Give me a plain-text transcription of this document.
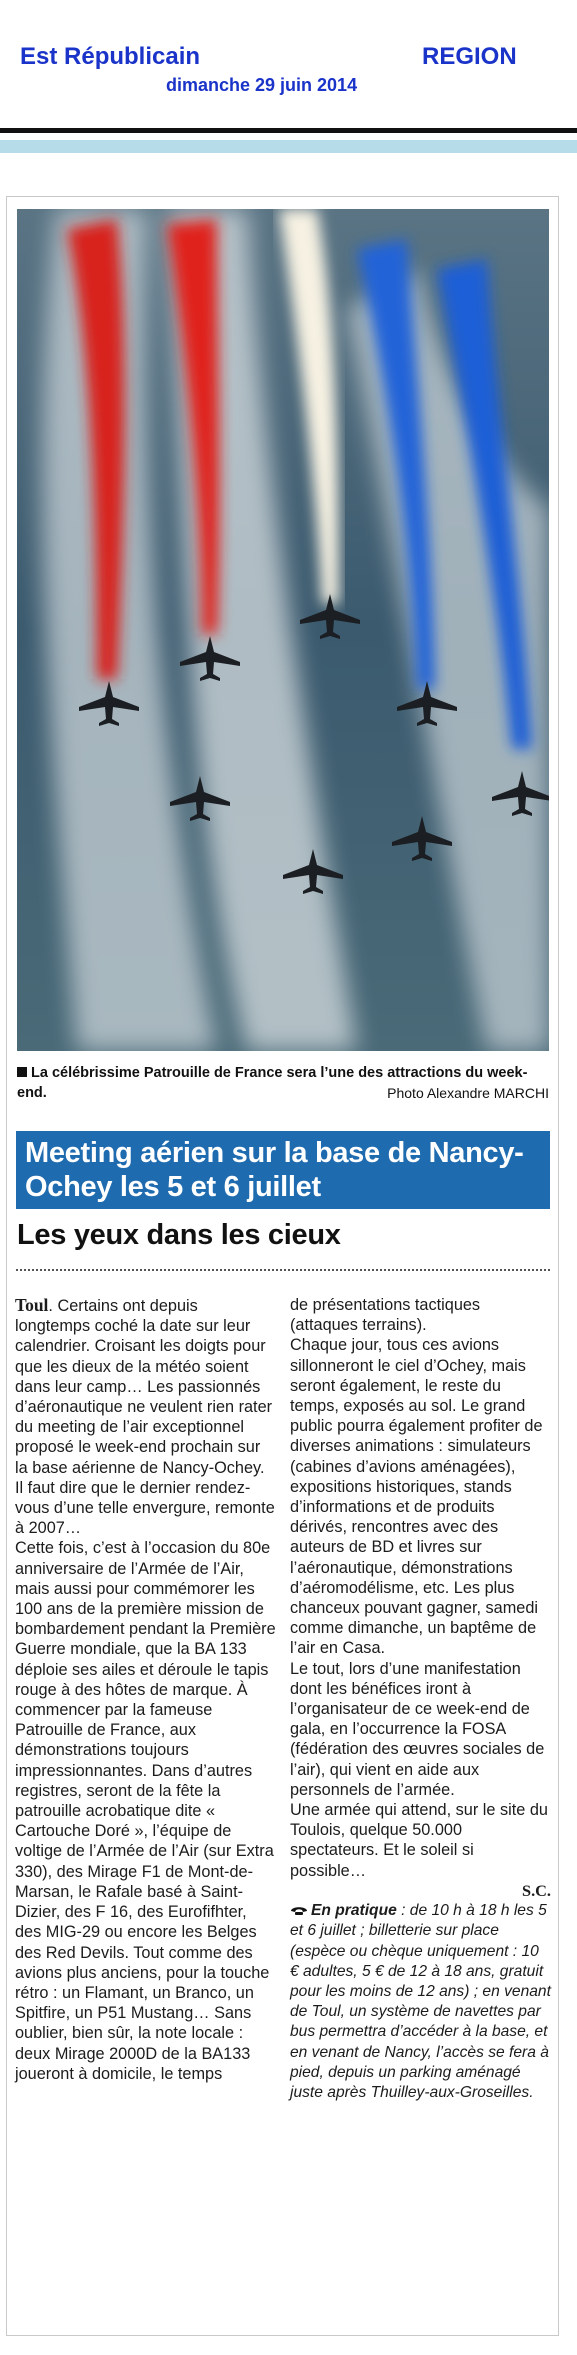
Est Républicain	REGION
dimanche 29 juin 2014
La célébrissime Patrouille de France sera l’une des attractions du week-end.	Photo Alexandre MARCHI
Meeting aérien sur la base de Nancy-Ochey les 5 et 6 juillet
Les yeux dans les cieux

Toul. Certains ont depuis longtemps coché la date sur leur calendrier. Croisant les doigts pour que les dieux de la météo soient dans leur camp… Les passionnés d’aéronautique ne veulent rien rater du meeting de l’air exceptionnel proposé le week-end prochain sur la base aérienne de Nancy-Ochey. Il faut dire que le dernier rendez-vous d’une telle envergure, remonte à 2007…

Cette fois, c’est à l’occasion du 80e anniversaire de l’Armée de l’Air, mais aussi pour commémorer les 100 ans de la première mission de bombardement pendant la Première Guerre mondiale, que la BA 133 déploie ses ailes et déroule le tapis rouge à des hôtes de marque. À commencer par la fameuse Patrouille de France, aux démonstrations toujours impressionnantes. Dans d’autres registres, seront de la fête la patrouille acrobatique dite « Cartouche Doré », l’équipe de voltige de l’Armée de l’Air (sur Extra 330), des Mirage F1 de Mont-de-Marsan, le Rafale basé à Saint-Dizier, des F 16, des Eurofifhter, des MIG-29 ou encore les Belges des Red Devils. Tout comme des avions plus anciens, pour la touche rétro : un Flamant, un Branco, un Spitfire, un P51 Mustang… Sans oublier, bien sûr, la note locale : deux Mirage 2000D de la BA133 joueront à domicile, le temps

de présentations tactiques (attaques terrains).

Chaque jour, tous ces avions sillonneront le ciel d’Ochey, mais seront également, le reste du temps, exposés au sol. Le grand public pourra également profiter de diverses animations : simulateurs (cabines d’avions aménagées), expositions historiques, stands d’informations et de produits dérivés, rencontres avec des auteurs de BD et livres sur l’aéronautique, démonstrations d’aéromodélisme, etc. Les plus chanceux pouvant gagner, samedi comme dimanche, un baptême de l’air en Casa.

Le tout, lors d’une manifestation dont les bénéfices iront à l’organisateur de ce week-end de gala, en l’occurrence la FOSA (fédération des œuvres sociales de l’air), qui vient en aide aux personnels de l’armée.

Une armée qui attend, sur le site du Toulois, quelque 50.000 spectateurs. Et le soleil si possible…

S.C.

En pratique : de 10 h à 18 h les 5 et 6 juillet ; billetterie sur place (espèce ou chèque uniquement : 10 € adultes, 5 € de 12 à 18 ans, gratuit pour les moins de 12 ans) ; en venant de Toul, un système de navettes par bus permettra d’accéder à la base, et en venant de Nancy, l’accès se fera à pied, depuis un parking aménagé juste après Thuilley-aux-Groseilles.
